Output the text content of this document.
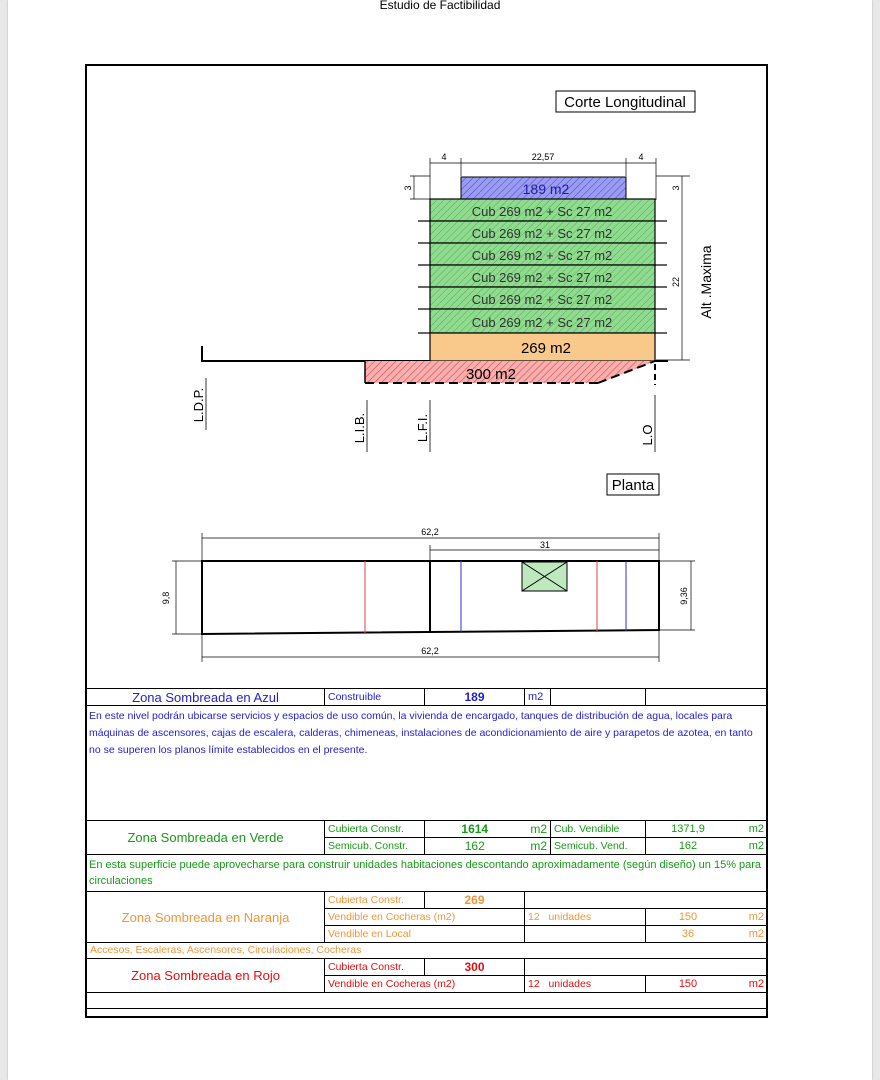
Estudio de Factibilidad
Corte Longitudinal
4	22,57	4
3	3
22 Alt .Maxima
189 m2
Cub 269 m2 + Sc 27 m2
Cub 269 m2 + Sc 27 m2
Cub 269 m2 + Sc 27 m2
Cub 269 m2 + Sc 27 m2
Cub 269 m2 + Sc 27 m2
Cub 269 m2 + Sc 27 m2
269 m2
300 m2
L.D.P.
L.I.B.	L.F.I.	L.O
Planta
62,2
31
62,2
9,8	9,36
Zona Sombreada en Azul	Construible	189	m2		
En este nivel podrán ubicarse servicios y espacios de uso común, la vivienda de encargado, tanques de distribución de agua, locales para máquinas de ascensores, cajas de escalera, calderas, chimeneas, instalaciones de acondicionamiento de aire y parapetos de azotea, en tanto no se superen los planos límite establecidos en el presente.					
Zona Sombreada en Verde	Cubierta Constr.	1614	m2	Cub. Vendible	1371,9 m2

	Semicub. Constr.	162	m2	Semicub. Vend.	162 m2

En esta superficie puede aprovecharse para construir unidades habitaciones descontando aproximadamente (según diseño) un 15% para circulaciones					
Zona Sombreada en Naranja	Cubierta Constr.	269			
	Vendible en Cocheras (m2)		12 unidades		150 m2

	Vendible en Local				36 m2

Accesos, Escaleras, Ascensores, Circulaciones, Cocheras					
Zona Sombreada en Rojo	Cubierta Constr.	300			
	Vendible en Cocheras (m2)		12 unidades		150 m2
